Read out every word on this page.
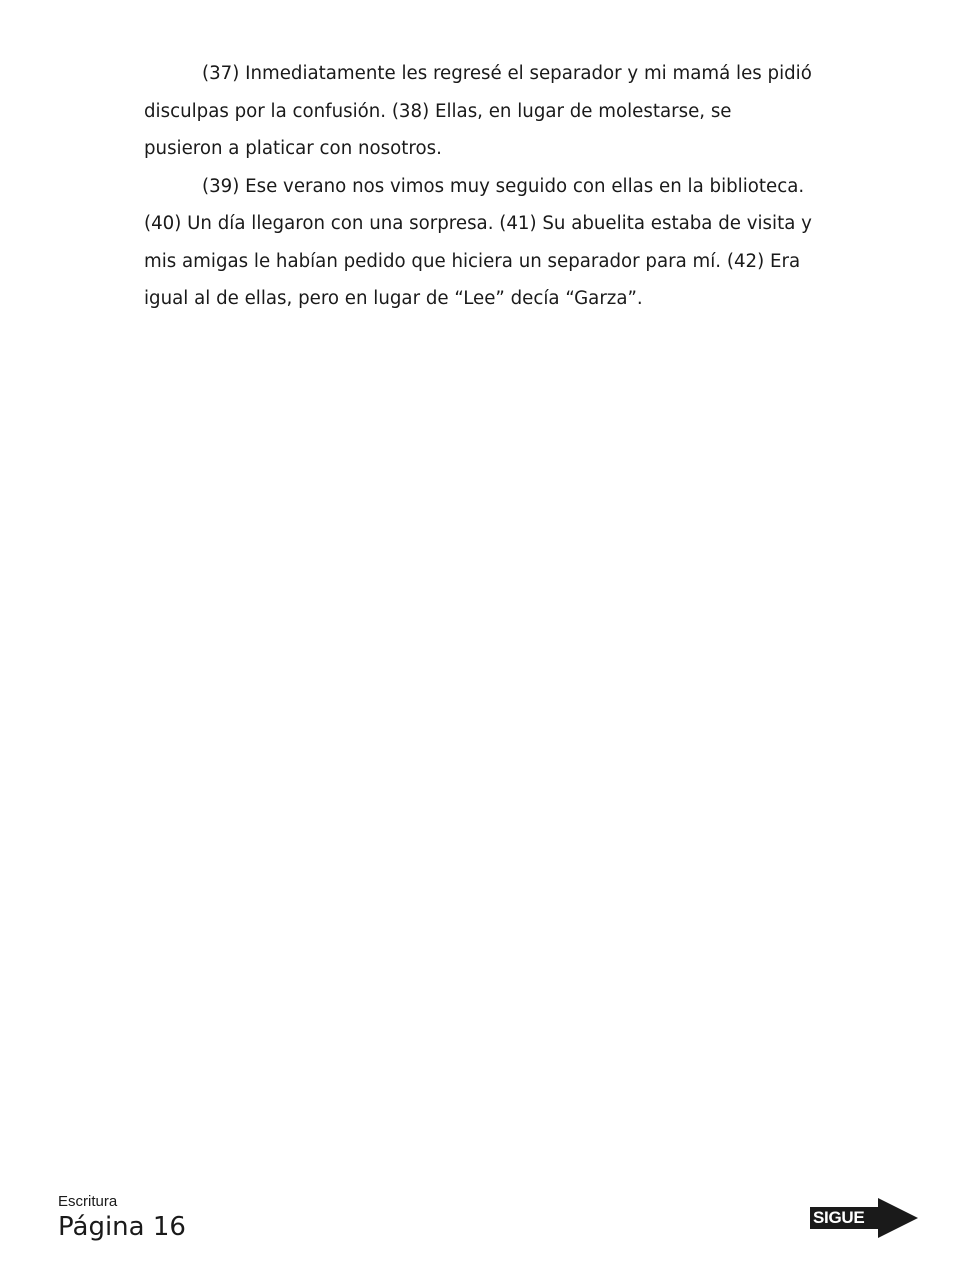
(37) Inmediatamente les regresé el separador y mi mamá les pidió
disculpas por la confusión. (38) Ellas, en lugar de molestarse, se
pusieron a platicar con nosotros.
(39) Ese verano nos vimos muy seguido con ellas en la biblioteca.
(40) Un día llegaron con una sorpresa. (41) Su abuelita estaba de visita y
mis amigas le habían pedido que hiciera un separador para mí. (42) Era
igual al de ellas, pero en lugar de “Lee” decía “Garza”.
Escritura
Página 16	SIGUE
